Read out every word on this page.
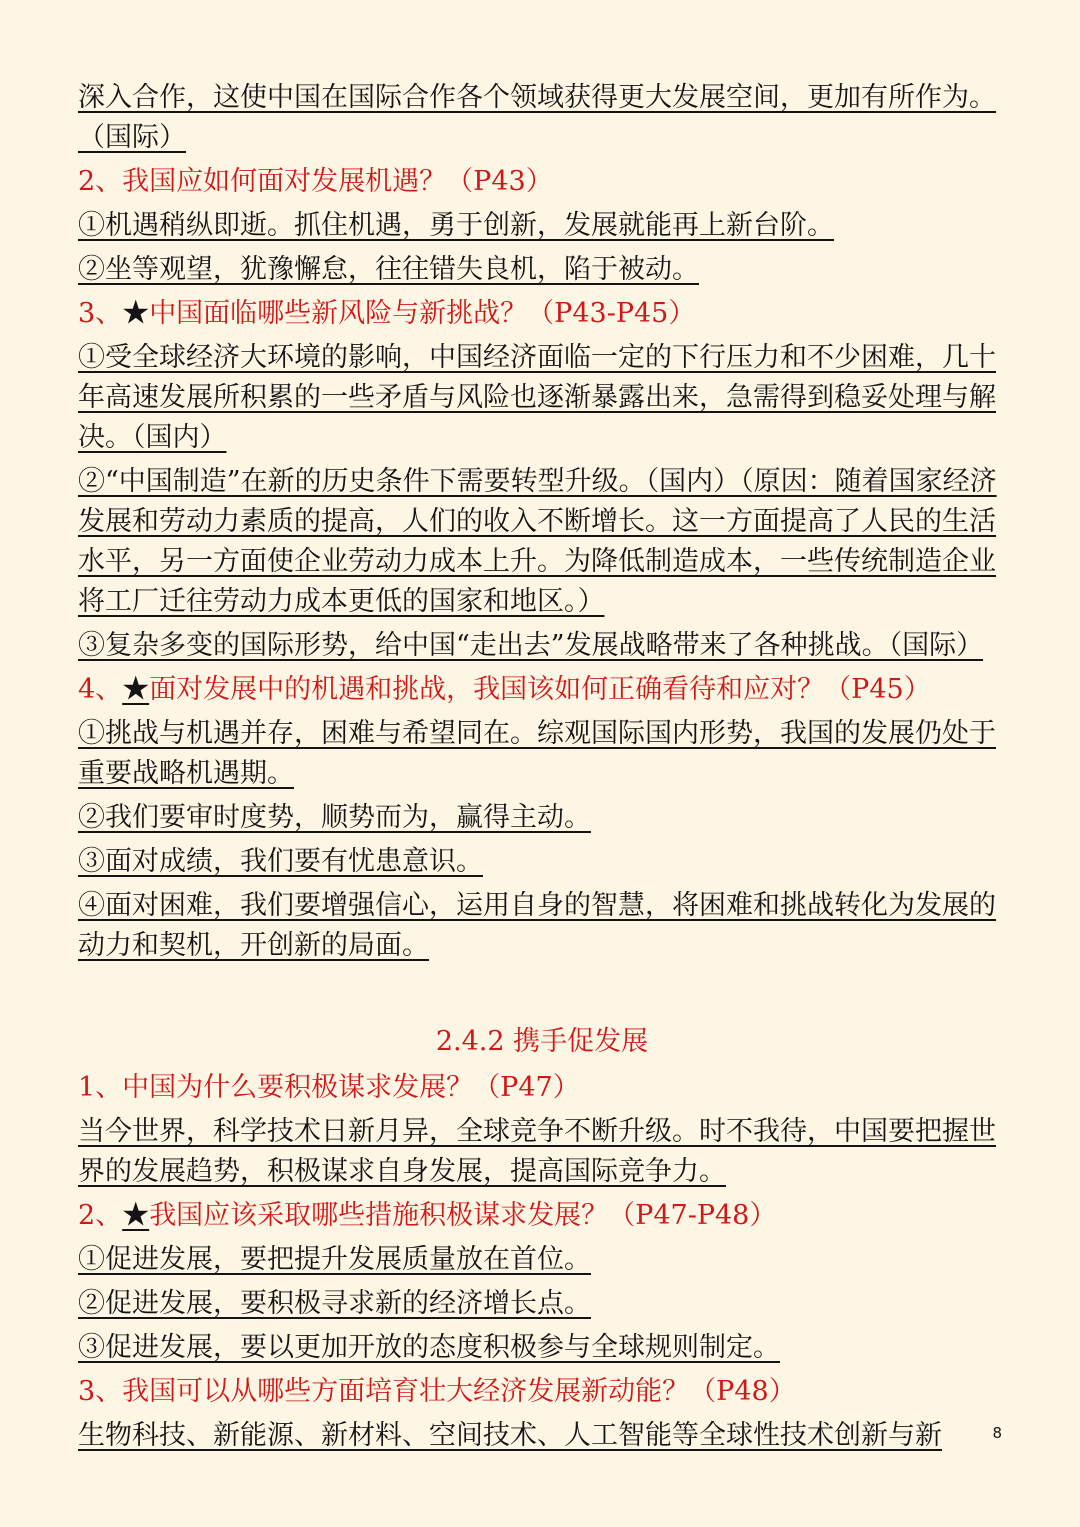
深入合作，这使中国在国际合作各个领域获得更大发展空间，更加有所作为。（国际）

2、我国应如何面对发展机遇？（P43）

①机遇稍纵即逝。抓住机遇，勇于创新，发展就能再上新台阶。

②坐等观望，犹豫懈怠，往往错失良机，陷于被动。

3、★中国面临哪些新风险与新挑战？（P43-P45）

①受全球经济大环境的影响，中国经济面临一定的下行压力和不少困难，几十年高速发展所积累的一些矛盾与风险也逐渐暴露出来，急需得到稳妥处理与解决。（国内）

②“中国制造”在新的历史条件下需要转型升级。（国内）（原因：随着国家经济发展和劳动力素质的提高，人们的收入不断增长。这一方面提高了人民的生活水平，另一方面使企业劳动力成本上升。为降低制造成本，一些传统制造企业将工厂迁往劳动力成本更低的国家和地区。）

③复杂多变的国际形势，给中国“走出去”发展战略带来了各种挑战。（国际）

4、★面对发展中的机遇和挑战，我国该如何正确看待和应对？（P45）

①挑战与机遇并存，困难与希望同在。综观国际国内形势，我国的发展仍处于重要战略机遇期。

②我们要审时度势，顺势而为，赢得主动。

③面对成绩，我们要有忧患意识。

④面对困难，我们要增强信心，运用自身的智慧，将困难和挑战转化为发展的动力和契机，开创新的局面。

2.4.2 携手促发展

1、中国为什么要积极谋求发展？（P47）

当今世界，科学技术日新月异，全球竞争不断升级。时不我待，中国要把握世界的发展趋势，积极谋求自身发展，提高国际竞争力。

2、★我国应该采取哪些措施积极谋求发展？（P47-P48）

①促进发展，要把提升发展质量放在首位。

②促进发展，要积极寻求新的经济增长点。

③促进发展，要以更加开放的态度积极参与全球规则制定。

3、我国可以从哪些方面培育壮大经济发展新动能？（P48）

生物科技、新能源、新材料、空间技术、人工智能等全球性技术创新与新	8
